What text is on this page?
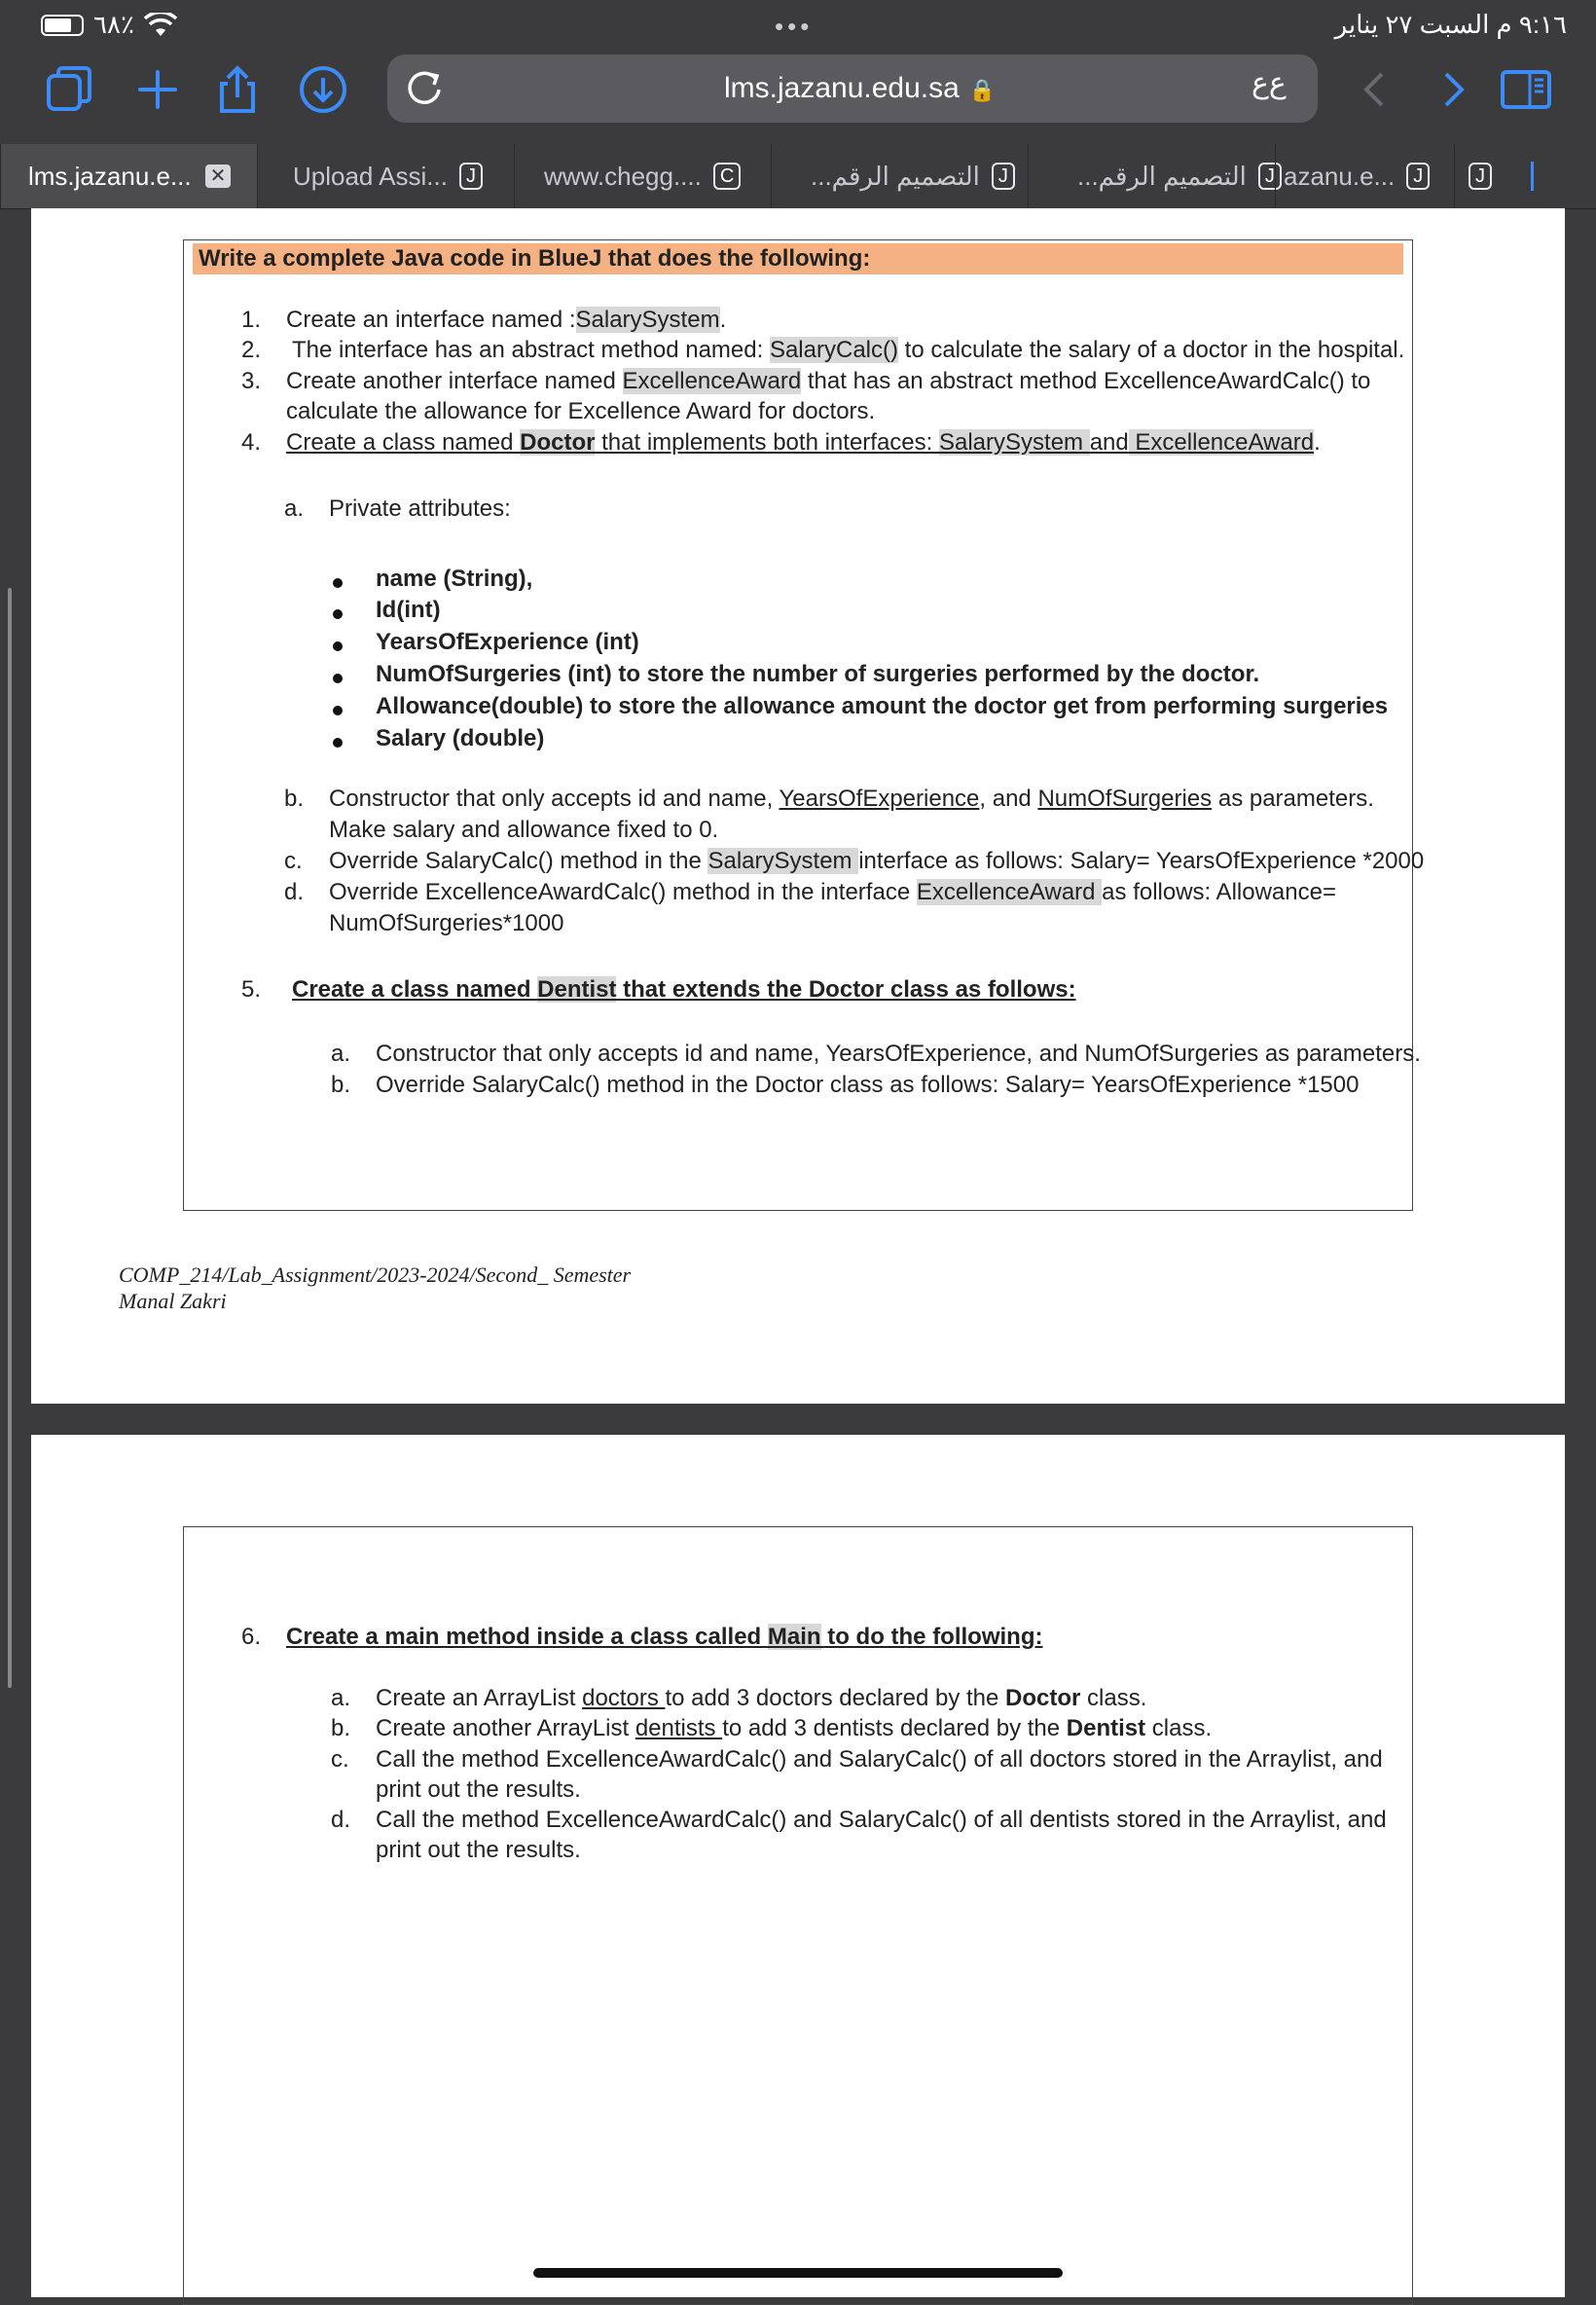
٦٨٪	•••	٩:١٦ م السبت ٢٧ يناير
lms.jazanu.edu.sa 🔒	ﻉﻉ
lms.jazanu.e... ✕	Upload Assi... J	www.chegg.... C	التصميم الرقم... J	التصميم الرقم... J azanu.e... J	J
Write a complete Java code in BlueJ that does the following:
1. Create an interface named :SalarySystem.
2. The interface has an abstract method named: SalaryCalc() to calculate the salary of a doctor in the hospital.
3. Create another interface named ExcellenceAward that has an abstract method ExcellenceAwardCalc() to
calculate the allowance for Excellence Award for doctors.
4. Create a class named Doctor that implements both interfaces: SalarySystem and ExcellenceAward.
a. Private attributes:
name (String),
Id(int)
YearsOfExperience (int)
NumOfSurgeries (int) to store the number of surgeries performed by the doctor.
Allowance(double) to store the allowance amount the doctor get from performing surgeries
Salary (double)
b. Constructor that only accepts id and name, YearsOfExperience, and NumOfSurgeries as parameters.
Make salary and allowance fixed to 0.
c. Override SalaryCalc() method in the SalarySystem interface as follows: Salary= YearsOfExperience *2000
d. Override ExcellenceAwardCalc() method in the interface ExcellenceAward as follows: Allowance=
NumOfSurgeries*1000
5. Create a class named Dentist that extends the Doctor class as follows:
a. Constructor that only accepts id and name, YearsOfExperience, and NumOfSurgeries as parameters.
b. Override SalaryCalc() method in the Doctor class as follows: Salary= YearsOfExperience *1500
COMP_214/Lab_Assignment/2023-2024/Second_ Semester
Manal Zakri
6. Create a main method inside a class called Main to do the following:
a. Create an ArrayList doctors to add 3 doctors declared by the Doctor class.
b. Create another ArrayList dentists to add 3 dentists declared by the Dentist class.
c. Call the method ExcellenceAwardCalc() and SalaryCalc() of all doctors stored in the Arraylist, and
print out the results.
d. Call the method ExcellenceAwardCalc() and SalaryCalc() of all dentists stored in the Arraylist, and
print out the results.
